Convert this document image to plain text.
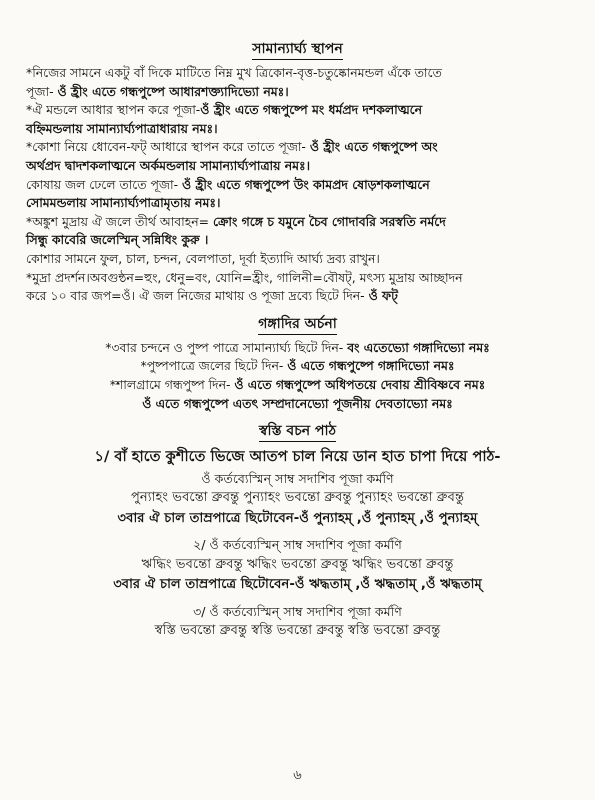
সামান্যার্ঘ্য স্থাপন

*নিজের সামনে একটু বাঁ দিকে মাটিতে নিম্ন মুখ ত্রিকোন-বৃত্ত-চতুষ্কোনমন্ডল এঁকে তাতে

পূজা- ওঁ হ্রীং এতে গন্ধপুষ্পে আধারশক্ত্যাদিভ্যো নমঃ।

*ঐ মন্ডলে আধার স্থাপন করে পূজা-ওঁ হ্রীং এতে গন্ধপুষ্পে মং ধর্মপ্রদ দশকলাত্মনে

বহ্নিমন্ডলায় সামান্যার্ঘ্যপাত্রাধারায় নমঃ।

*কোশা নিয়ে ধোবেন-ফট্‌ আধারে স্থাপন করে তাতে পূজা- ওঁ হ্রীং এতে গন্ধপুষ্পে অং

অর্থপ্রদ দ্বাদশকলাত্মনে অর্কমন্ডলায় সামান্যার্ঘ্যপাত্রায় নমঃ।

কোষায় জল ঢেলে তাতে পূজা- ওঁ হ্রীং এতে গন্ধপুষ্পে উং কামপ্রদ ষোড়শকলাত্মনে

সোমমন্ডলায় সামান্যার্ঘ্যপাত্রামৃতায় নমঃ।

*অঙ্কুশ মুদ্রায় ঐ জলে তীর্থ আবাহন= ক্রোং গঙ্গে চ যমুনে চৈব গোদাবরি সরস্বতি নর্মদে

সিন্ধু কাবেরি জলেস্মিন্‌ সন্নিধিং কুরু ।

কোশার সামনে ফুল, চাল, চন্দন, বেলপাতা, দূর্বা ইত্যাদি আর্ঘ্য দ্রব্য রাখুন।

*মুদ্রা প্রদর্শন।অবগুন্ঠন=হুং, ধেনু=বং, যোনি=হ্রীং, গালিনী=বৌষট্‌, মৎস্য মুদ্রায় আচ্ছাদন

করে ১০ বার জপ=ওঁ। ঐ জল নিজের মাথায় ও পূজা দ্রব্যে ছিটে দিন- ওঁ ফট্‌

গঙ্গাদির অর্চনা

*৩বার চন্দনে ও পুষ্প পাত্রে সামান্যার্ঘ্য ছিটে দিন- বং এতেভ্যো গঙ্গাদিভ্যো নমঃ

*পুষ্পপাত্রে জলের ছিটে দিন- ওঁ এতে গন্ধপুষ্পে গঙ্গাদিভ্যো নমঃ

*শালগ্রামে গন্ধপুষ্প দিন- ওঁ এতে গন্ধপুষ্পে অধিপতয়ে দেবায় শ্রীবিষ্ণবে নমঃ

ওঁ এতে গন্ধপুষ্পে এতৎ সম্প্রদানেভ্যো পূজনীয় দেবতাভ্যো নমঃ

স্বস্তি বচন পাঠ

১/ বাঁ হাতে কুশীতে ভিজে আতপ চাল নিয়ে ডান হাত চাপা দিয়ে পাঠ-

ওঁ কর্তব্যেস্মিন্‌ সাম্ব সদাশিব পূজা কর্মণি

পুন্যাহং ভবন্তো ব্রুবন্তু পুন্যাহং ভবন্তো ব্রুবন্তু পুন্যাহং ভবন্তো ব্রুবন্তু

৩বার ঐ চাল তাম্রপাত্রে ছিটোবেন-ওঁ পুন্যাহম্‌ ,ওঁ পুন্যাহম্‌ ,ওঁ পুন্যাহম্‌

২/ ওঁ কর্তব্যেস্মিন্‌ সাম্ব সদাশিব পূজা কর্মণি

ঋদ্ধিং ভবন্তো ব্রুবন্তু ঋদ্ধিং ভবন্তো ব্রুবন্তু ঋদ্ধিং ভবন্তো ব্রুবন্তু

৩বার ঐ চাল তাম্রপাত্রে ছিটোবেন-ওঁ ঋদ্ধতাম্‌ ,ওঁ ঋদ্ধতাম্‌ ,ওঁ ঋদ্ধতাম্‌

৩/ ওঁ কর্তব্যেস্মিন্‌ সাম্ব সদাশিব পূজা কর্মণি

স্বস্তি ভবন্তো ব্রুবন্তু স্বস্তি ভবন্তো ব্রুবন্তু স্বস্তি ভবন্তো ব্রুবন্তু

৬
